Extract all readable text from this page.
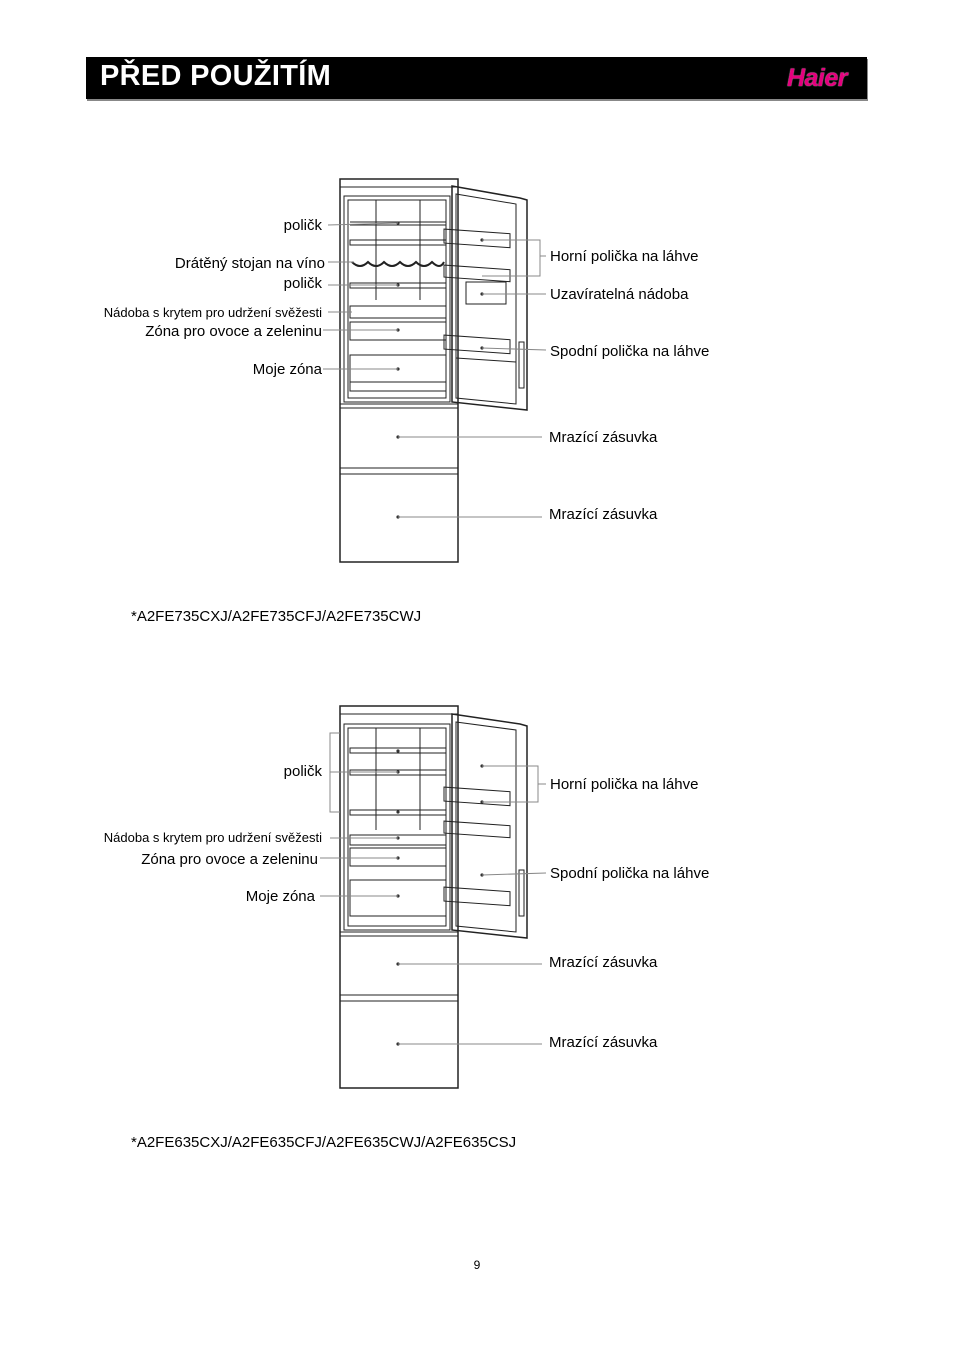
PŘED POUŽITÍM	Haier
poličk
Drátěný stojan na víno
poličk
Nádoba s krytem pro udržení svěžesti
Zóna pro ovoce a zeleninu
Moje zóna
Horní polička na láhve
Uzavíratelná nádoba
Spodní polička na láhve
Mrazící zásuvka
Mrazící zásuvka
*A2FE735CXJ/A2FE735CFJ/A2FE735CWJ
poličk
Nádoba s krytem pro udržení svěžesti
Zóna pro ovoce a zeleninu
Moje zóna
Horní polička na láhve
Spodní polička na láhve
Mrazící zásuvka
Mrazící zásuvka
*A2FE635CXJ/A2FE635CFJ/A2FE635CWJ/A2FE635CSJ
9
